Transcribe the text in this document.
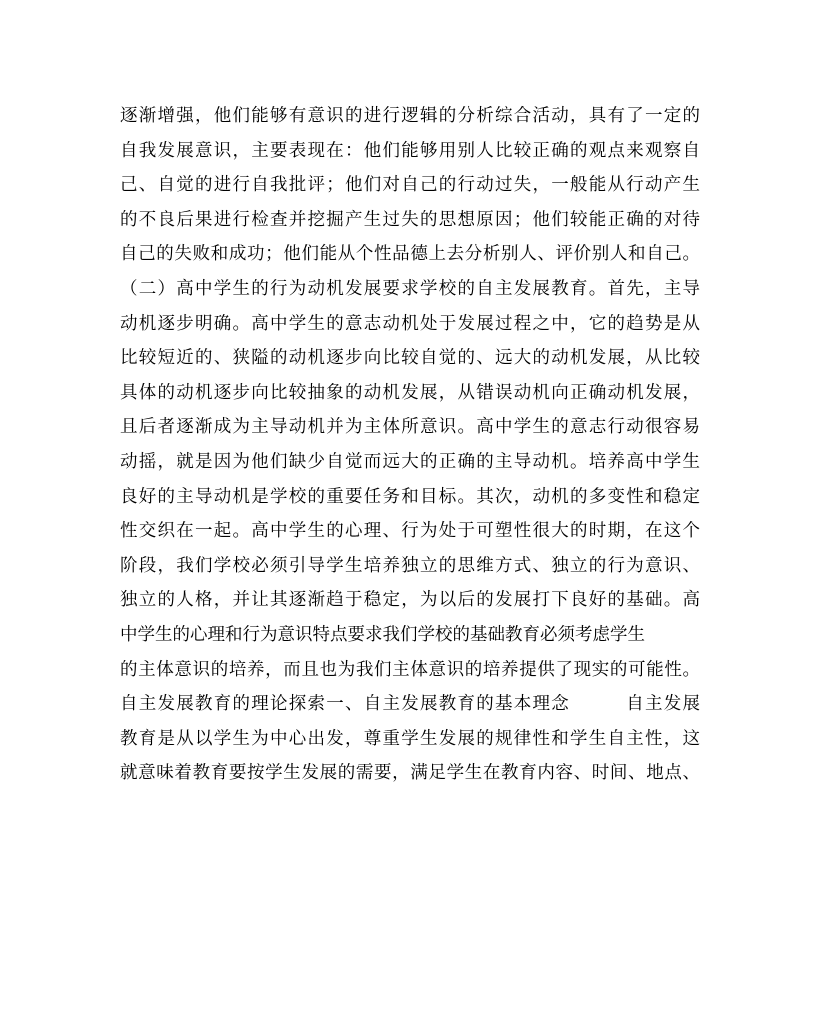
逐渐增强，他们能够有意识的进行逻辑的分析综合活动，具有了一定的
自我发展意识，主要表现在：他们能够用别人比较正确的观点来观察自
己、自觉的进行自我批评；他们对自己的行动过失，一般能从行动产生
的不良后果进行检查并挖掘产生过失的思想原因；他们较能正确的对待
自己的失败和成功；他们能从个性品德上去分析别人、评价别人和自己。
（二）高中学生的行为动机发展要求学校的自主发展教育。首先，主导
动机逐步明确。高中学生的意志动机处于发展过程之中，它的趋势是从
比较短近的、狭隘的动机逐步向比较自觉的、远大的动机发展，从比较
具体的动机逐步向比较抽象的动机发展，从错误动机向正确动机发展，
且后者逐渐成为主导动机并为主体所意识。高中学生的意志行动很容易
动摇，就是因为他们缺少自觉而远大的正确的主导动机。培养高中学生
良好的主导动机是学校的重要任务和目标。其次，动机的多变性和稳定
性交织在一起。高中学生的心理、行为处于可塑性很大的时期，在这个
阶段，我们学校必须引导学生培养独立的思维方式、独立的行为意识、
独立的人格，并让其逐渐趋于稳定，为以后的发展打下良好的基础。高
中学生的心理和行为意识特点要求我们学校的基础教育必须考虑学生
的主体意识的培养，而且也为我们主体意识的培养提供了现实的可能性。
自主发展教育的理论探索一、自主发展教育的基本理念　　　自主发展
教育是从以学生为中心出发，尊重学生发展的规律性和学生自主性，这
就意味着教育要按学生发展的需要，满足学生在教育内容、时间、地点、
